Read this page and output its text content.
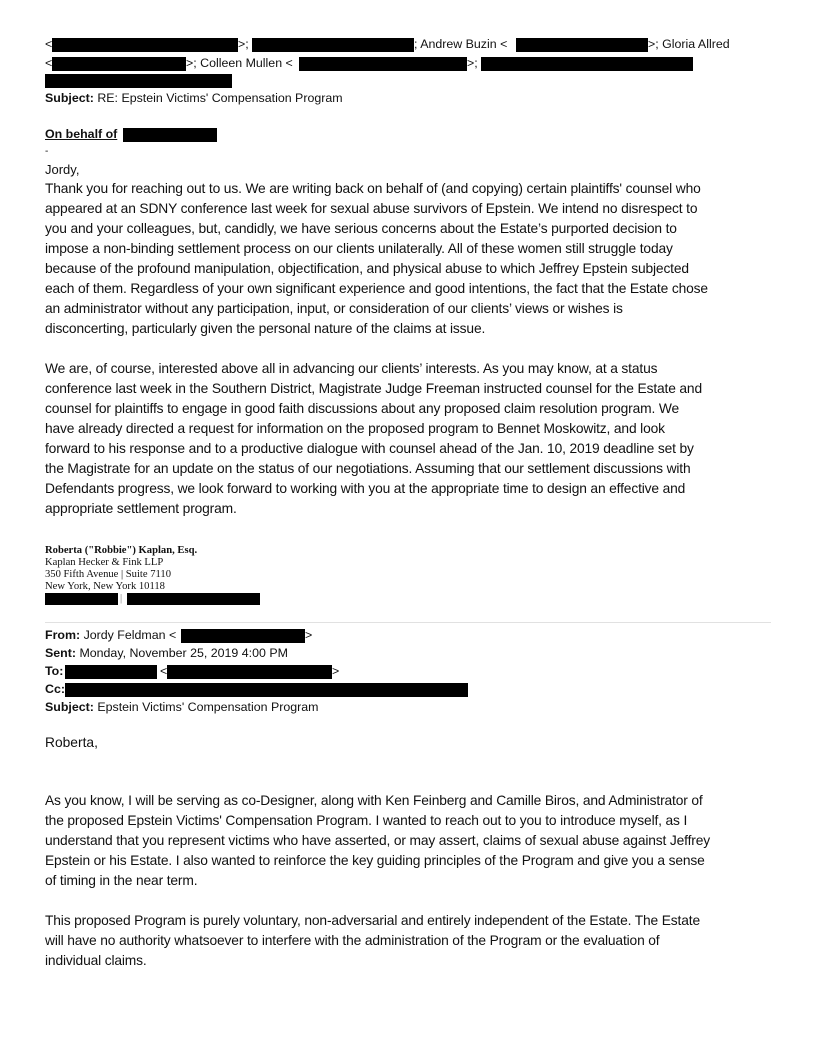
<	>;	; Andrew Buzin <	>; Gloria Allred
<	>; Colleen Mullen <	>;
Subject: RE: Epstein Victims' Compensation Program
On behalf of
-
Jordy,
Thank you for reaching out to us. We are writing back on behalf of (and copying) certain plaintiffs' counsel who
appeared at an SDNY conference last week for sexual abuse survivors of Epstein. We intend no disrespect to
you and your colleagues, but, candidly, we have serious concerns about the Estate’s purported decision to
impose a non-binding settlement process on our clients unilaterally. All of these women still struggle today
because of the profound manipulation, objectification, and physical abuse to which Jeffrey Epstein subjected
each of them. Regardless of your own significant experience and good intentions, the fact that the Estate chose
an administrator without any participation, input, or consideration of our clients’ views or wishes is
disconcerting, particularly given the personal nature of the claims at issue.
We are, of course, interested above all in advancing our clients’ interests. As you may know, at a status
conference last week in the Southern District, Magistrate Judge Freeman instructed counsel for the Estate and
counsel for plaintiffs to engage in good faith discussions about any proposed claim resolution program. We
have already directed a request for information on the proposed program to Bennet Moskowitz, and look
forward to his response and to a productive dialogue with counsel ahead of the Jan. 10, 2019 deadline set by
the Magistrate for an update on the status of our negotiations. Assuming that our settlement discussions with
Defendants progress, we look forward to working with you at the appropriate time to design an effective and
appropriate settlement program.
Roberta ("Robbie") Kaplan, Esq.
Kaplan Hecker & Fink LLP
350 Fifth Avenue | Suite 7110
New York, New York 10118
|
From: Jordy Feldman <	>
Sent: Monday, November 25, 2019 4:00 PM
To:	<	>
Cc:
Subject: Epstein Victims' Compensation Program
Roberta,
As you know, I will be serving as co-Designer, along with Ken Feinberg and Camille Biros, and Administrator of
the proposed Epstein Victims' Compensation Program. I wanted to reach out to you to introduce myself, as I
understand that you represent victims who have asserted, or may assert, claims of sexual abuse against Jeffrey
Epstein or his Estate. I also wanted to reinforce the key guiding principles of the Program and give you a sense
of timing in the near term.
This proposed Program is purely voluntary, non-adversarial and entirely independent of the Estate. The Estate
will have no authority whatsoever to interfere with the administration of the Program or the evaluation of
individual claims.
